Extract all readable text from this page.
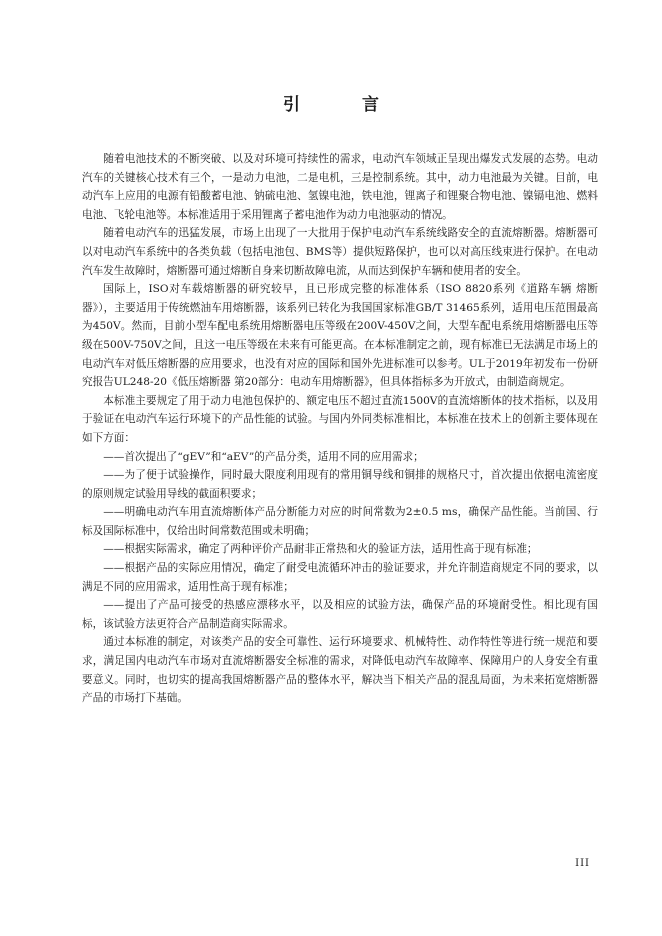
引 言

随着电池技术的不断突破、以及对环境可持续性的需求，电动汽车领域正呈现出爆发式发展的态势。电动汽车的关键核心技术有三个，一是动力电池，二是电机，三是控制系统。其中，动力电池最为关键。目前，电动汽车上应用的电源有铅酸蓄电池、钠硫电池、氢镍电池，铁电池，锂离子和锂聚合物电池、镍镉电池、燃料电池、飞轮电池等。本标准适用于采用锂离子蓄电池作为动力电池驱动的情况。

随着电动汽车的迅猛发展，市场上出现了一大批用于保护电动汽车系统线路安全的直流熔断器。熔断器可以对电动汽车系统中的各类负载（包括电池包、BMS等）提供短路保护，也可以对高压线束进行保护。在电动汽车发生故障时，熔断器可通过熔断自身来切断故障电流，从而达到保护车辆和使用者的安全。

国际上，ISO对车载熔断器的研究较早，且已形成完整的标准体系（ISO 8820系列《道路车辆 熔断器》），主要适用于传统燃油车用熔断器，该系列已转化为我国国家标准GB/T 31465系列，适用电压范围最高为450V。然而，目前小型车配电系统用熔断器电压等级在200V-450V之间，大型车配电系统用熔断器电压等级在500V-750V之间，且这一电压等级在未来有可能更高。在本标准制定之前，现有标准已无法满足市场上的电动汽车对低压熔断器的应用要求，也没有对应的国际和国外先进标准可以参考。UL于2019年初发布一份研究报告UL248-20《低压熔断器 第20部分：电动车用熔断器》，但具体指标多为开放式，由制造商规定。

本标准主要规定了用于动力电池包保护的、额定电压不超过直流1500V的直流熔断体的技术指标，以及用于验证在电动汽车运行环境下的产品性能的试验。与国内外同类标准相比，本标准在技术上的创新主要体现在如下方面：

——首次提出了“gEV”和“aEV”的产品分类，适用不同的应用需求；

——为了便于试验操作，同时最大限度利用现有的常用铜导线和铜排的规格尺寸，首次提出依据电流密度的原则规定试验用导线的截面积要求；

——明确电动汽车用直流熔断体产品分断能力对应的时间常数为2±0.5 ms，确保产品性能。当前国、行标及国际标准中，仅给出时间常数范围或未明确；

——根据实际需求，确定了两种评价产品耐非正常热和火的验证方法，适用性高于现有标准；

——根据产品的实际应用情况，确定了耐受电流循环冲击的验证要求，并允许制造商规定不同的要求，以满足不同的应用需求，适用性高于现有标准；

——提出了产品可接受的热感应漂移水平，以及相应的试验方法，确保产品的环境耐受性。相比现有国标，该试验方法更符合产品制造商实际需求。

通过本标准的制定，对该类产品的安全可靠性、运行环境要求、机械特性、动作特性等进行统一规范和要求，满足国内电动汽车市场对直流熔断器安全标准的需求，对降低电动汽车故障率、保障用户的人身安全有重要意义。同时，也切实的提高我国熔断器产品的整体水平，解决当下相关产品的混乱局面，为未来拓宽熔断器产品的市场打下基础。

III
